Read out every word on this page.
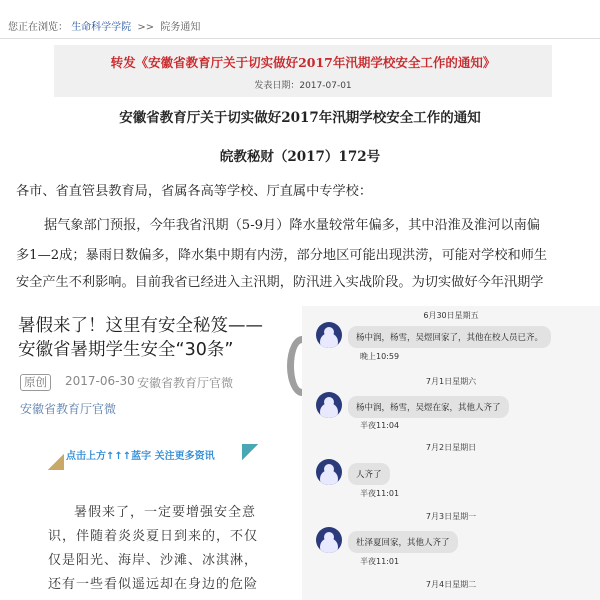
您正在浏览： 生命科学学院 >> 院务通知
转发《安徽省教育厅关于切实做好2017年汛期学校安全工作的通知》
发表日期：2017-07-01
安徽省教育厅关于切实做好2017年汛期学校安全工作的通知
皖教秘财（2017）172号
各市、省直管县教育局，省属各高等学校、厅直属中专学校：
据气象部门预报，今年我省汛期（5-9月）降水量较常年偏多，其中沿淮及淮河以南偏
多1—2成；暴雨日数偏多，降水集中期有内涝，部分地区可能出现洪涝，可能对学校和师生
安全产生不利影响。目前我省已经进入主汛期，防汛进入实战阶段。为切实做好今年汛期学
暑假来了！这里有安全秘笈——
安徽省暑期学生安全“30条”
原创	2017-06-30 安徽省教育厅官微
安徽省教育厅官微
点击上方↑↑↑蓝字 关注更多资讯
暑假来了，一定要增强安全意
识，伴随着炎炎夏日到来的，不仅
仅是阳光、海岸、沙滩、冰淇淋，
还有一些看似遥远却在身边的危险
6月30日星期五
杨中润，杨雪，吴煜回家了，其他在校人员已齐。
晚上10:59
7月1日星期六
杨中润，杨雪，吴煜在家，其他人齐了
半夜11:04
7月2日星期日
人齐了
半夜11:01
7月3日星期一
杜泽夏回家，其他人齐了
半夜11:01
7月4日星期二
